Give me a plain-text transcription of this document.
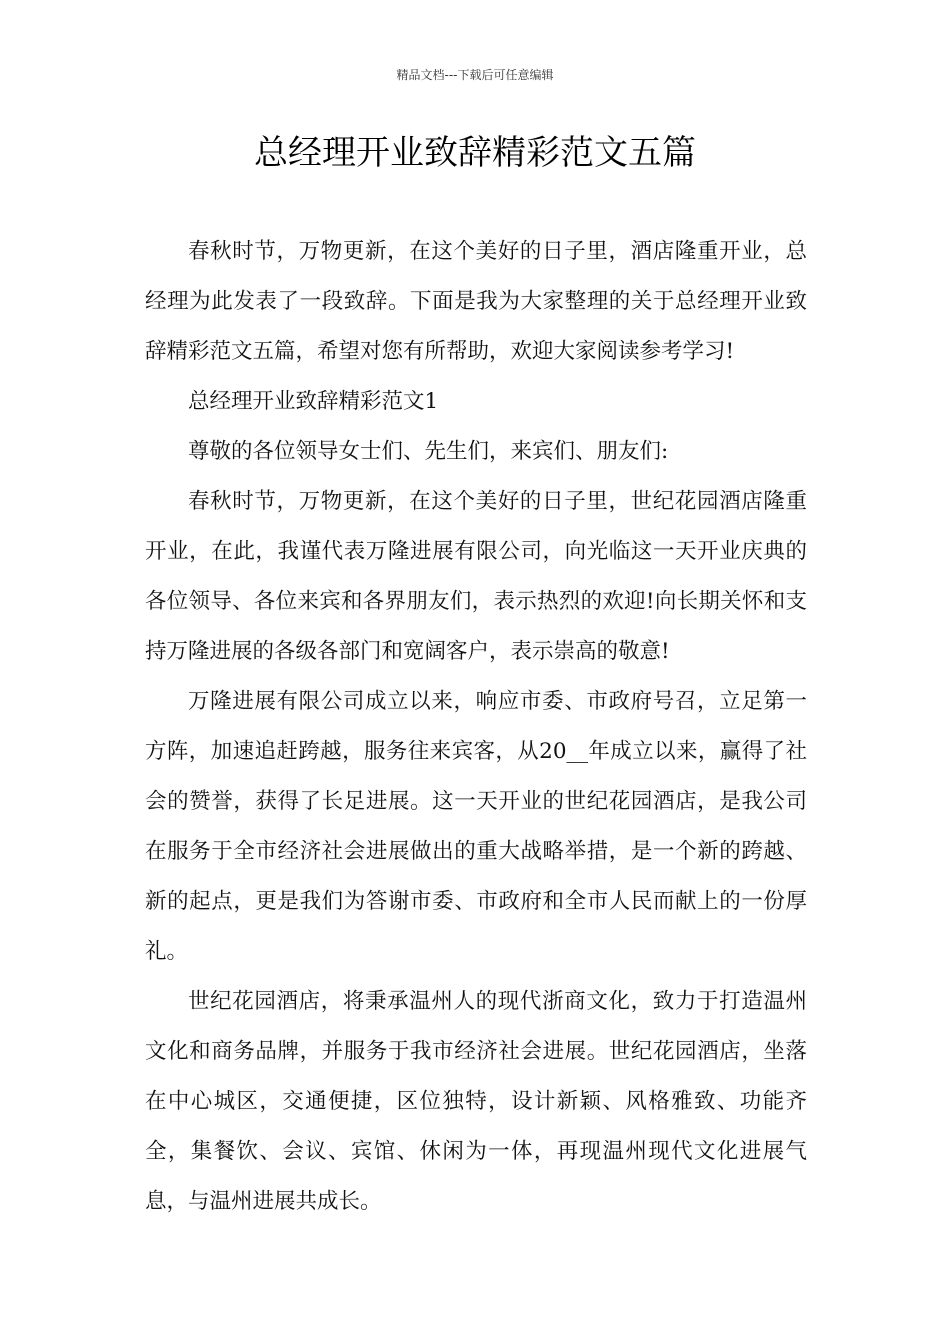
精品文档---下载后可任意编辑
总经理开业致辞精彩范文五篇

春秋时节，万物更新，在这个美好的日子里，酒店隆重开业，总经理为此发表了一段致辞。下面是我为大家整理的关于总经理开业致辞精彩范文五篇，希望对您有所帮助，欢迎大家阅读参考学习!

总经理开业致辞精彩范文1

尊敬的各位领导女士们、先生们，来宾们、朋友们:

春秋时节，万物更新，在这个美好的日子里，世纪花园酒店隆重开业，在此，我谨代表万隆进展有限公司，向光临这一天开业庆典的各位领导、各位来宾和各界朋友们，表示热烈的欢迎!向长期关怀和支持万隆进展的各级各部门和宽阔客户，表示崇高的敬意!

万隆进展有限公司成立以来，响应市委、市政府号召，立足第一方阵，加速追赶跨越，服务往来宾客，从20__年成立以来，赢得了社会的赞誉，获得了长足进展。这一天开业的世纪花园酒店，是我公司在服务于全市经济社会进展做出的重大战略举措，是一个新的跨越、新的起点，更是我们为答谢市委、市政府和全市人民而献上的一份厚礼。

世纪花园酒店，将秉承温州人的现代浙商文化，致力于打造温州文化和商务品牌，并服务于我市经济社会进展。世纪花园酒店，坐落在中心城区，交通便捷，区位独特，设计新颖、风格雅致、功能齐全，集餐饮、会议、宾馆、休闲为一体，再现温州现代文化进展气息，与温州进展共成长。
